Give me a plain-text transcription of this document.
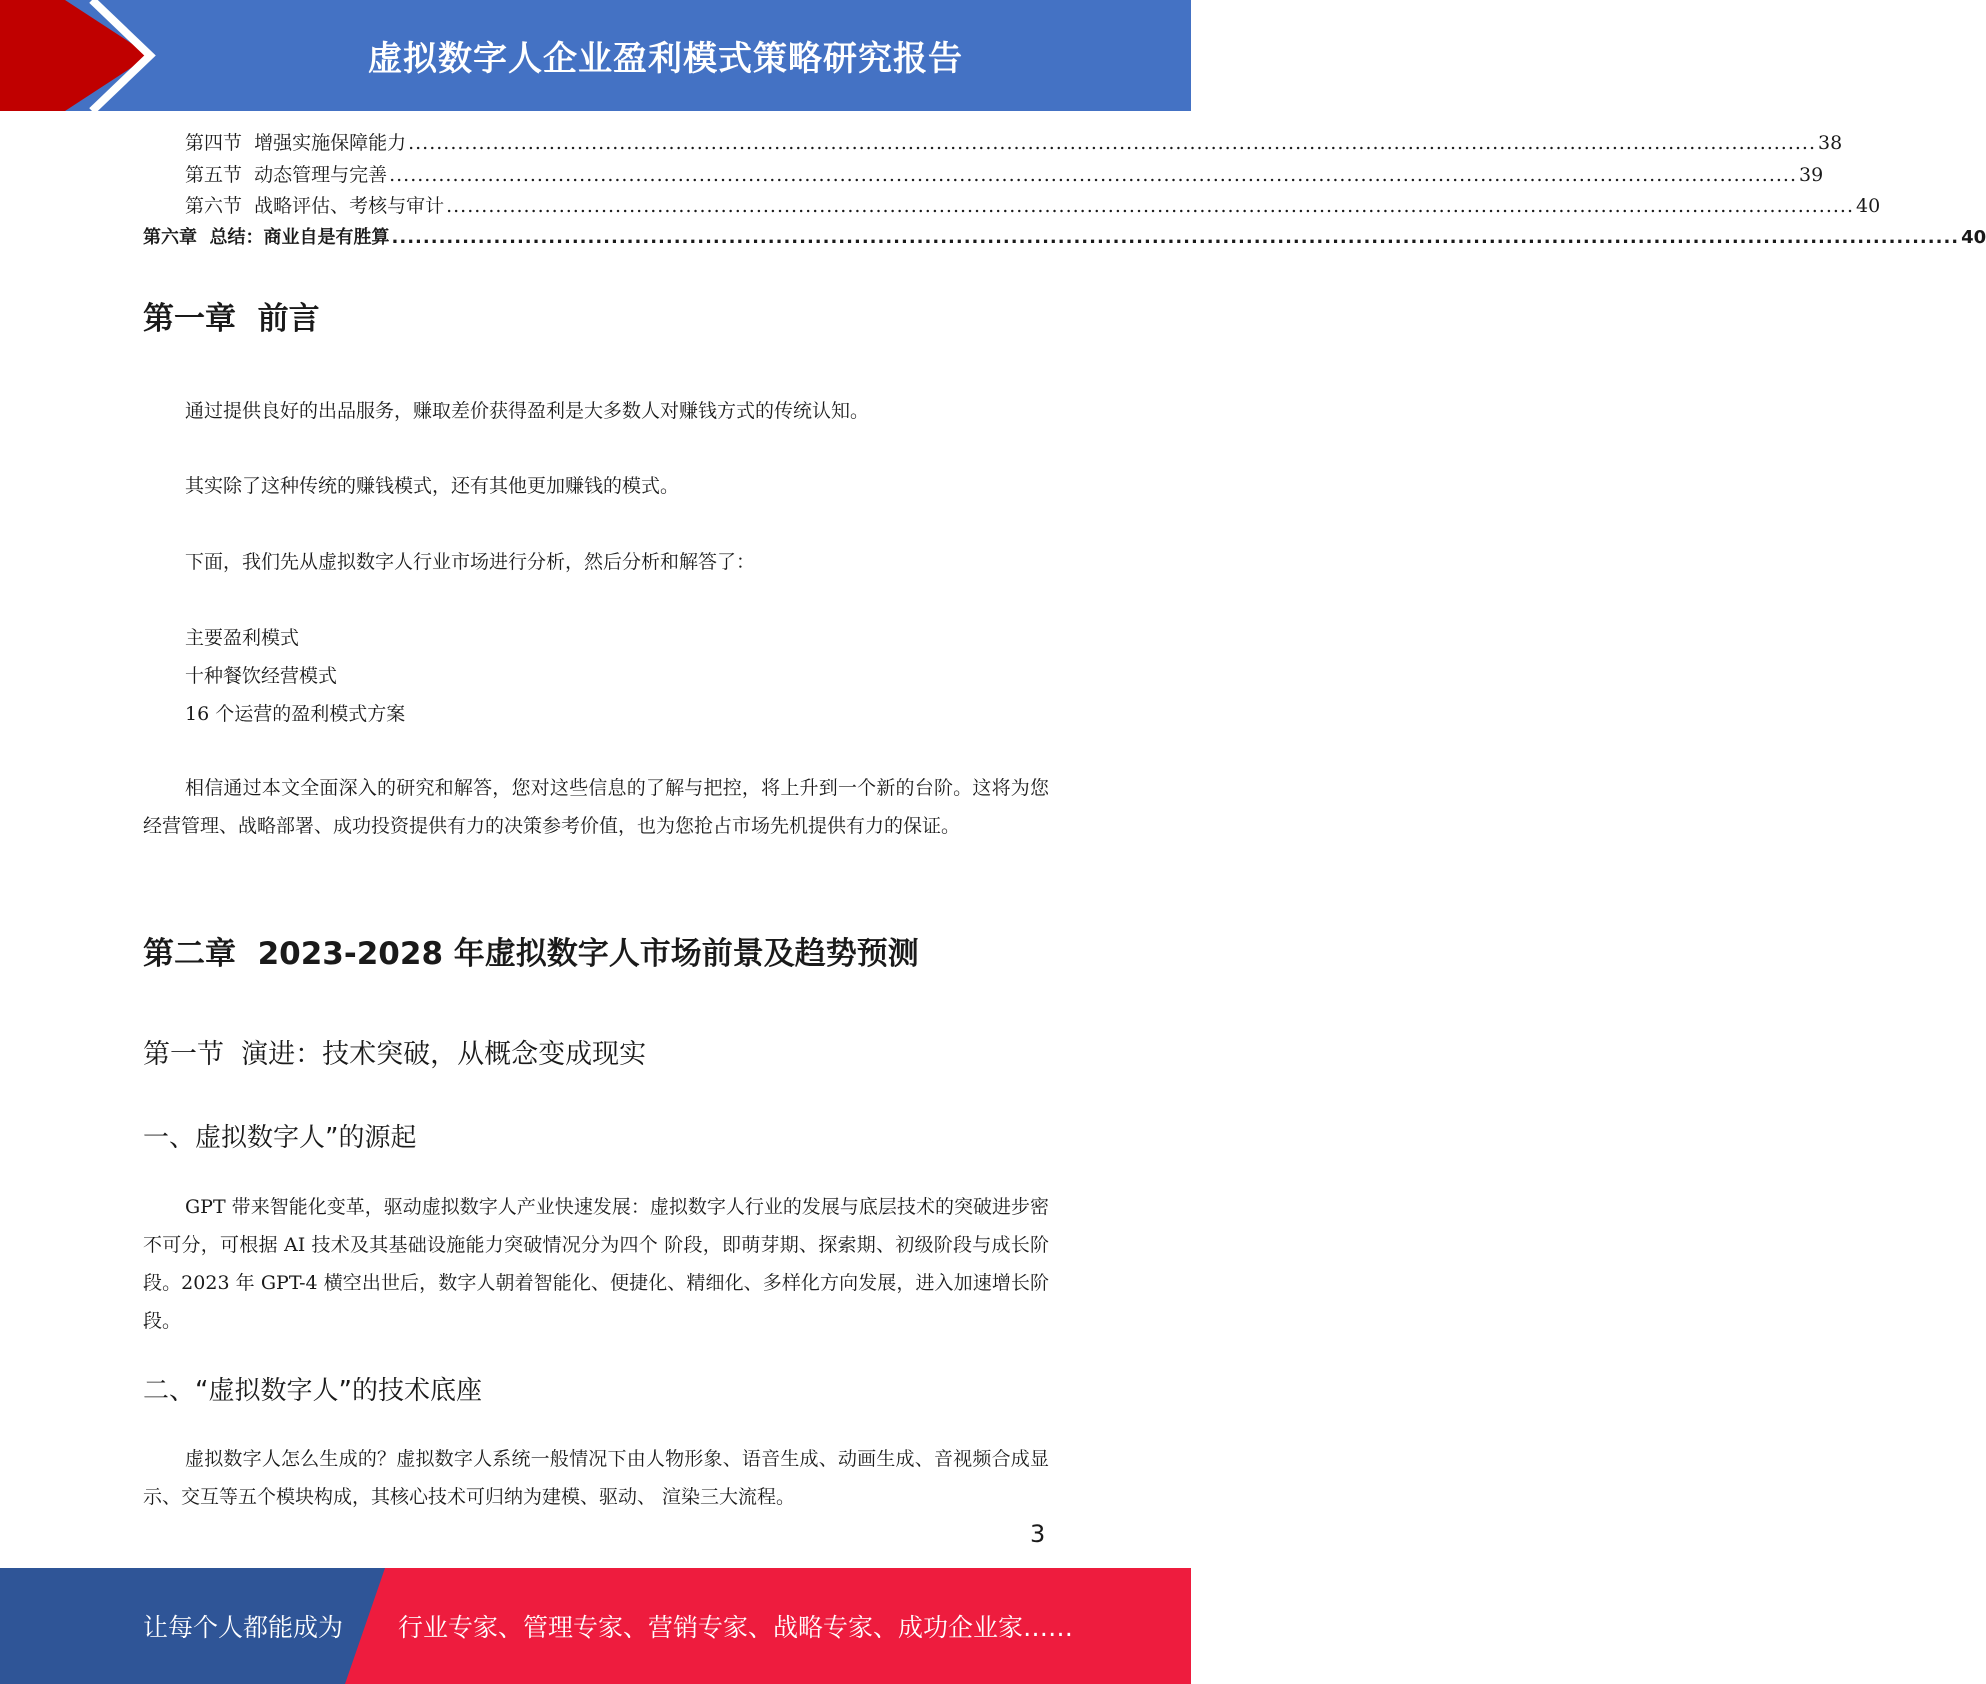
虚拟数字人企业盈利模式策略研究报告
第四节  增强实施保障能力 ........................................................................................................................................................................................................ 38
第五节  动态管理与完善 ........................................................................................................................................................................................................ 39
第六节  战略评估、考核与审计 ........................................................................................................................................................................................................ 40
第六章  总结：商业自是有胜算 ........................................................................................................................................................................................................ 40
第一章  前言
通过提供良好的出品服务，赚取差价获得盈利是大多数人对赚钱方式的传统认知。
其实除了这种传统的赚钱模式，还有其他更加赚钱的模式。
下面，我们先从虚拟数字人行业市场进行分析，然后分析和解答了：
主要盈利模式
十种餐饮经营模式
16 个运营的盈利模式方案

相信通过本文全面深入的研究和解答，您对这些信息的了解与把控，将上升到一个新的台阶。这将为您经营管理、战略部署、成功投资提供有力的决策参考价值，也为您抢占市场先机提供有力的保证。

第二章  2023-2028 年虚拟数字人市场前景及趋势预测
第一节  演进：技术突破，从概念变成现实
一、虚拟数字人”的源起

GPT 带来智能化变革，驱动虚拟数字人产业快速发展：虚拟数字人行业的发展与底层技术的突破进步密不可分，可根据 AI 技术及其基础设施能力突破情况分为四个 阶段，即萌芽期、探索期、初级阶段与成长阶段。2023 年 GPT-4 横空出世后，数字人朝着智能化、便捷化、精细化、多样化方向发展，进入加速增长阶段。

二、“虚拟数字人”的技术底座

虚拟数字人怎么生成的？虚拟数字人系统一般情况下由人物形象、语音生成、动画生成、音视频合成显示、交互等五个模块构成，其核心技术可归纳为建模、驱动、 渲染三大流程。

3
让每个人都能成为 行业专家、管理专家、营销专家、战略专家、成功企业家……
